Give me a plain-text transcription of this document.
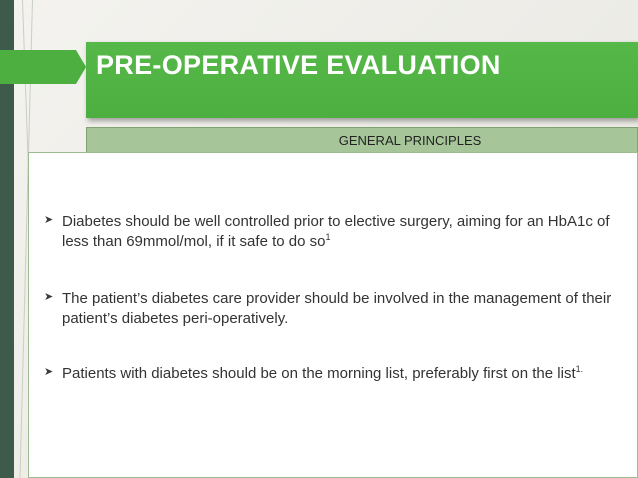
PRE-OPERATIVE EVALUATION
GENERAL PRINCIPLES
➤ Diabetes should be well controlled prior to elective surgery, aiming for an HbA1c of less than 69mmol/mol, if it safe to do $so^1$
➤ The patient’s diabetes care provider should be involved in the management of their patient’s diabetes peri-operatively.
➤ Patients with diabetes should be on the morning list, preferably first on the list$^{1.}$
